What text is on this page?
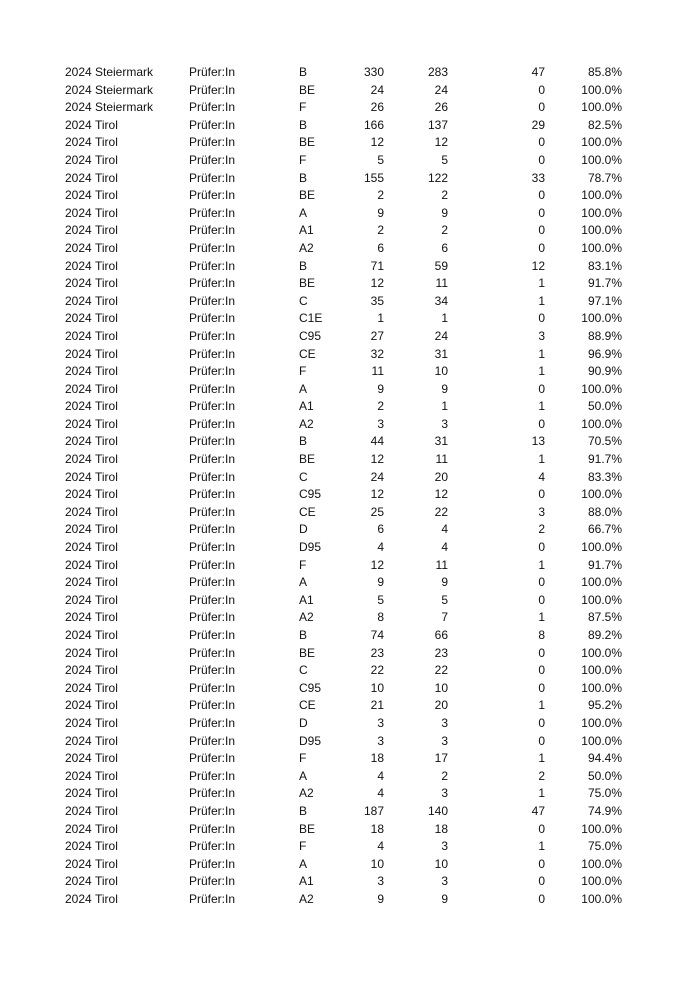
2024 Steiermark	Prüfer:In	B	330	283	47	85.8%
2024 Steiermark	Prüfer:In	BE	24	24	0	100.0%
2024 Steiermark	Prüfer:In	F	26	26	0	100.0%
2024 Tirol	Prüfer:In	B	166	137	29	82.5%
2024 Tirol	Prüfer:In	BE	12	12	0	100.0%
2024 Tirol	Prüfer:In	F	5	5	0	100.0%
2024 Tirol	Prüfer:In	B	155	122	33	78.7%
2024 Tirol	Prüfer:In	BE	2	2	0	100.0%
2024 Tirol	Prüfer:In	A	9	9	0	100.0%
2024 Tirol	Prüfer:In	A1	2	2	0	100.0%
2024 Tirol	Prüfer:In	A2	6	6	0	100.0%
2024 Tirol	Prüfer:In	B	71	59	12	83.1%
2024 Tirol	Prüfer:In	BE	12	11	1	91.7%
2024 Tirol	Prüfer:In	C	35	34	1	97.1%
2024 Tirol	Prüfer:In	C1E	1	1	0	100.0%
2024 Tirol	Prüfer:In	C95	27	24	3	88.9%
2024 Tirol	Prüfer:In	CE	32	31	1	96.9%
2024 Tirol	Prüfer:In	F	11	10	1	90.9%
2024 Tirol	Prüfer:In	A	9	9	0	100.0%
2024 Tirol	Prüfer:In	A1	2	1	1	50.0%
2024 Tirol	Prüfer:In	A2	3	3	0	100.0%
2024 Tirol	Prüfer:In	B	44	31	13	70.5%
2024 Tirol	Prüfer:In	BE	12	11	1	91.7%
2024 Tirol	Prüfer:In	C	24	20	4	83.3%
2024 Tirol	Prüfer:In	C95	12	12	0	100.0%
2024 Tirol	Prüfer:In	CE	25	22	3	88.0%
2024 Tirol	Prüfer:In	D	6	4	2	66.7%
2024 Tirol	Prüfer:In	D95	4	4	0	100.0%
2024 Tirol	Prüfer:In	F	12	11	1	91.7%
2024 Tirol	Prüfer:In	A	9	9	0	100.0%
2024 Tirol	Prüfer:In	A1	5	5	0	100.0%
2024 Tirol	Prüfer:In	A2	8	7	1	87.5%
2024 Tirol	Prüfer:In	B	74	66	8	89.2%
2024 Tirol	Prüfer:In	BE	23	23	0	100.0%
2024 Tirol	Prüfer:In	C	22	22	0	100.0%
2024 Tirol	Prüfer:In	C95	10	10	0	100.0%
2024 Tirol	Prüfer:In	CE	21	20	1	95.2%
2024 Tirol	Prüfer:In	D	3	3	0	100.0%
2024 Tirol	Prüfer:In	D95	3	3	0	100.0%
2024 Tirol	Prüfer:In	F	18	17	1	94.4%
2024 Tirol	Prüfer:In	A	4	2	2	50.0%
2024 Tirol	Prüfer:In	A2	4	3	1	75.0%
2024 Tirol	Prüfer:In	B	187	140	47	74.9%
2024 Tirol	Prüfer:In	BE	18	18	0	100.0%
2024 Tirol	Prüfer:In	F	4	3	1	75.0%
2024 Tirol	Prüfer:In	A	10	10	0	100.0%
2024 Tirol	Prüfer:In	A1	3	3	0	100.0%
2024 Tirol	Prüfer:In	A2	9	9	0	100.0%
